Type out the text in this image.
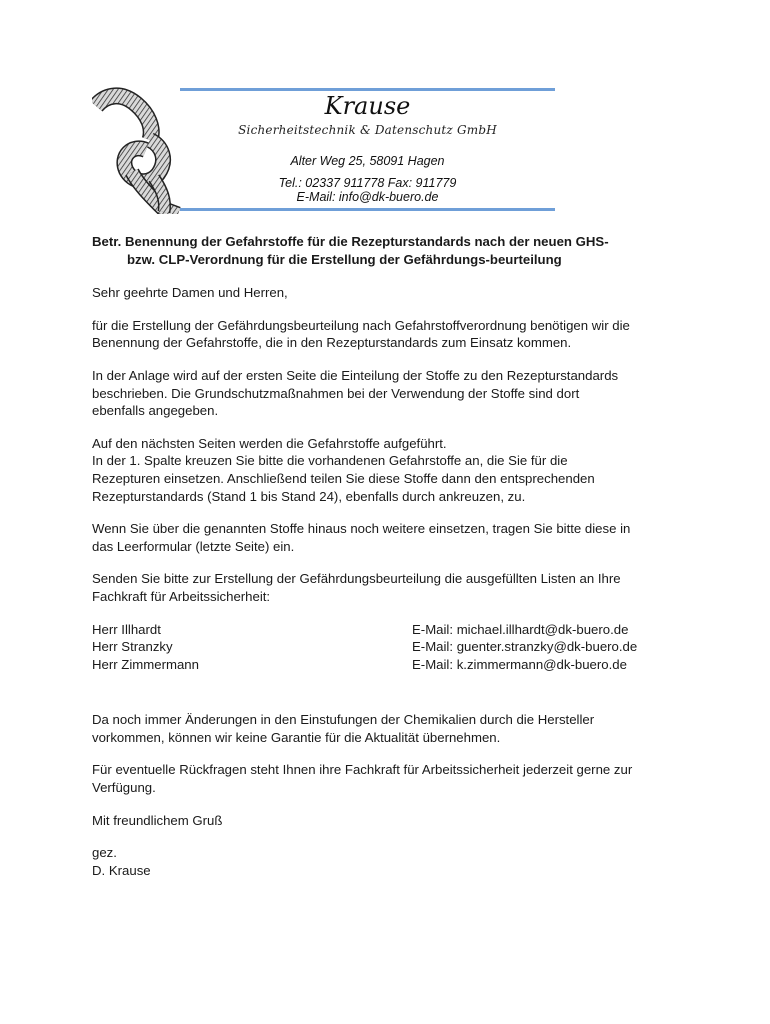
Krause
Sicherheitstechnik & Datenschutz GmbH
Alter Weg 25, 58091 Hagen
Tel.: 02337 911778 Fax: 911779
E-Mail: info@dk-buero.de
Betr. Benennung der Gefahrstoffe für die Rezepturstandards nach der neuen GHS-
bzw. CLP-Verordnung für die Erstellung der Gefährdungs-beurteilung

Sehr geehrte Damen und Herren,

für die Erstellung der Gefährdungsbeurteilung nach Gefahrstoffverordnung benötigen wir die
Benennung der Gefahrstoffe, die in den Rezepturstandards zum Einsatz kommen.

In der Anlage wird auf der ersten Seite die Einteilung der Stoffe zu den Rezepturstandards
beschrieben. Die Grundschutzmaßnahmen bei der Verwendung der Stoffe sind dort
ebenfalls angegeben.

Auf den nächsten Seiten werden die Gefahrstoffe aufgeführt.
In der 1. Spalte kreuzen Sie bitte die vorhandenen Gefahrstoffe an, die Sie für die
Rezepturen einsetzen. Anschließend teilen Sie diese Stoffe dann den entsprechenden
Rezepturstandards (Stand 1 bis Stand 24), ebenfalls durch ankreuzen, zu.

Wenn Sie über die genannten Stoffe hinaus noch weitere einsetzen, tragen Sie bitte diese in
das Leerformular (letzte Seite) ein.

Senden Sie bitte zur Erstellung der Gefährdungsbeurteilung die ausgefüllten Listen an Ihre
Fachkraft für Arbeitssicherheit:

Herr Illhardt	E-Mail: michael.illhardt@dk-buero.de
Herr Stranzky	E-Mail: guenter.stranzky@dk-buero.de
Herr Zimmermann	E-Mail: k.zimmermann@dk-buero.de

Da noch immer Änderungen in den Einstufungen der Chemikalien durch die Hersteller
vorkommen, können wir keine Garantie für die Aktualität übernehmen.

Für eventuelle Rückfragen steht Ihnen ihre Fachkraft für Arbeitssicherheit jederzeit gerne zur
Verfügung.

Mit freundlichem Gruß

gez.
D. Krause
